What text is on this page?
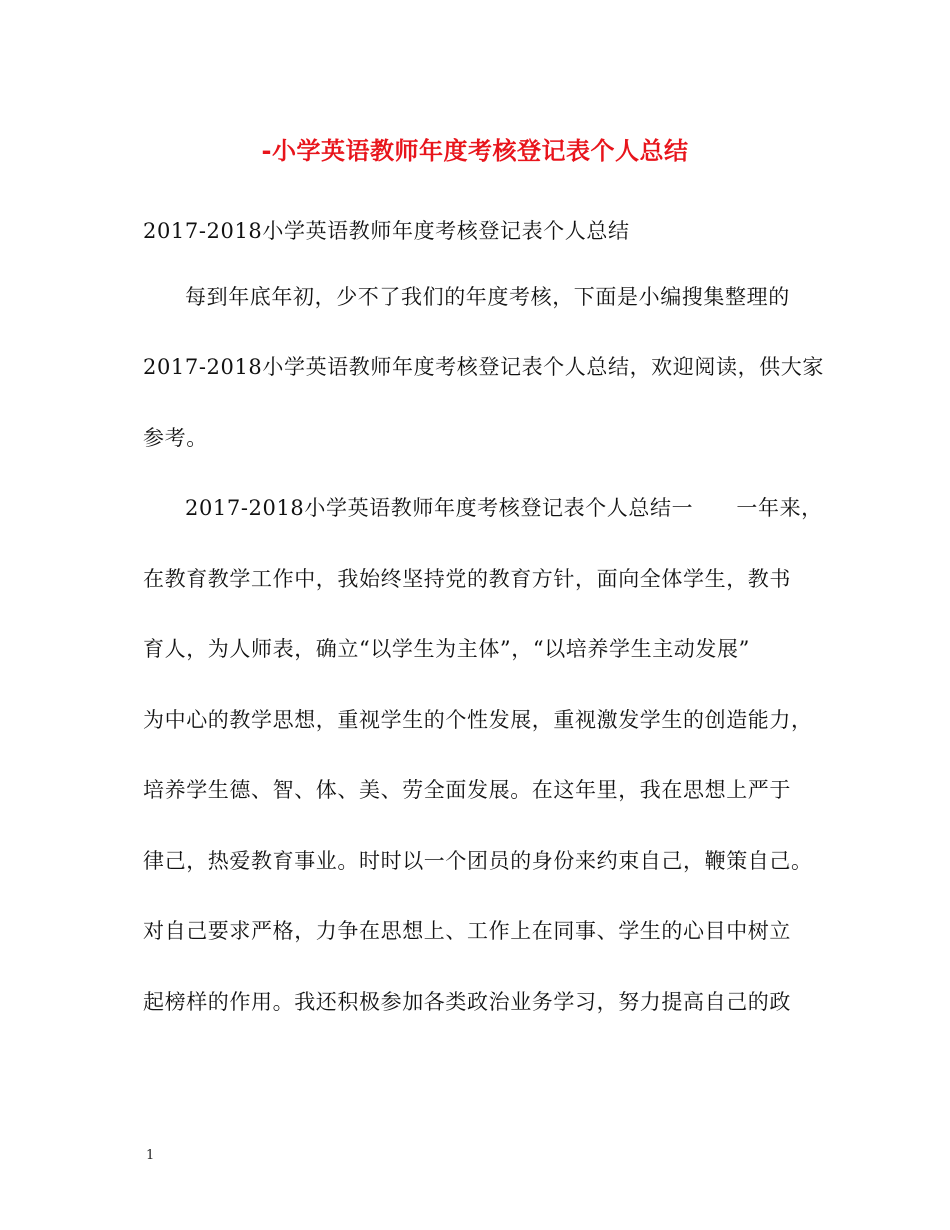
-小学英语教师年度考核登记表个人总结
2017-2018小学英语教师年度考核登记表个人总结
每到年底年初，少不了我们的年度考核，下面是小编搜集整理的
2017-2018小学英语教师年度考核登记表个人总结，欢迎阅读，供大家
参考。
2017-2018小学英语教师年度考核登记表个人总结一　　一年来，
在教育教学工作中，我始终坚持党的教育方针，面向全体学生，教书
育人，为人师表，确立“以学生为主体”，“以培养学生主动发展”
为中心的教学思想，重视学生的个性发展，重视激发学生的创造能力，
培养学生德、智、体、美、劳全面发展。在这年里，我在思想上严于
律己，热爱教育事业。时时以一个团员的身份来约束自己，鞭策自己。
对自己要求严格，力争在思想上、工作上在同事、学生的心目中树立
起榜样的作用。我还积极参加各类政治业务学习，努力提高自己的政
1
